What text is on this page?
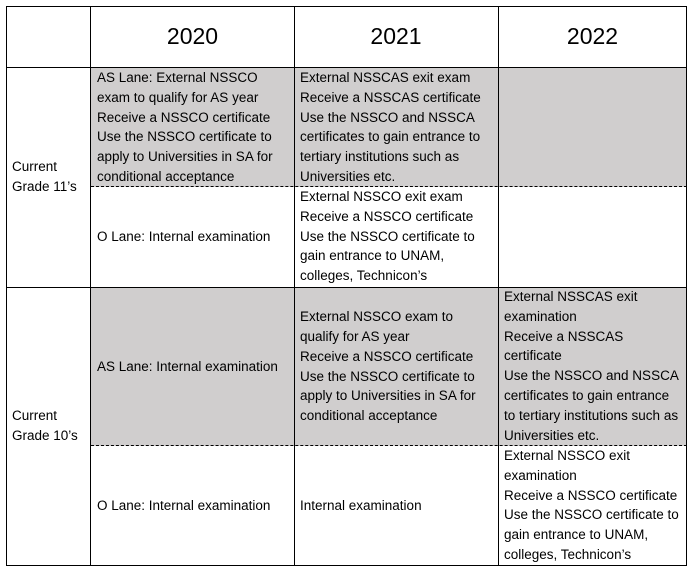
2020	2021	2022
Current
Grade 11’s
AS Lane: External NSSCO
exam to qualify for AS year
Receive a NSSCO certificate
Use the NSSCO certificate to
apply to Universities in SA for
conditional acceptance
External NSSCAS exit exam
Receive a NSSCAS certificate
Use the NSSCO and NSSCA
certificates to gain entrance to
tertiary institutions such as
Universities etc.
O Lane: Internal examination
External NSSCO exit exam
Receive a NSSCO certificate
Use the NSSCO certificate to
gain entrance to UNAM,
colleges, Technicon’s
Current
Grade 10’s
AS Lane: Internal examination
External NSSCO exam to
qualify for AS year
Receive a NSSCO certificate
Use the NSSCO certificate to
apply to Universities in SA for
conditional acceptance
External NSSCAS exit
examination
Receive a NSSCAS
certificate
Use the NSSCO and NSSCA
certificates to gain entrance
to tertiary institutions such as
Universities etc.
O Lane: Internal examination Internal examination
External NSSCO exit
examination
Receive a NSSCO certificate
Use the NSSCO certificate to
gain entrance to UNAM,
colleges, Technicon’s
